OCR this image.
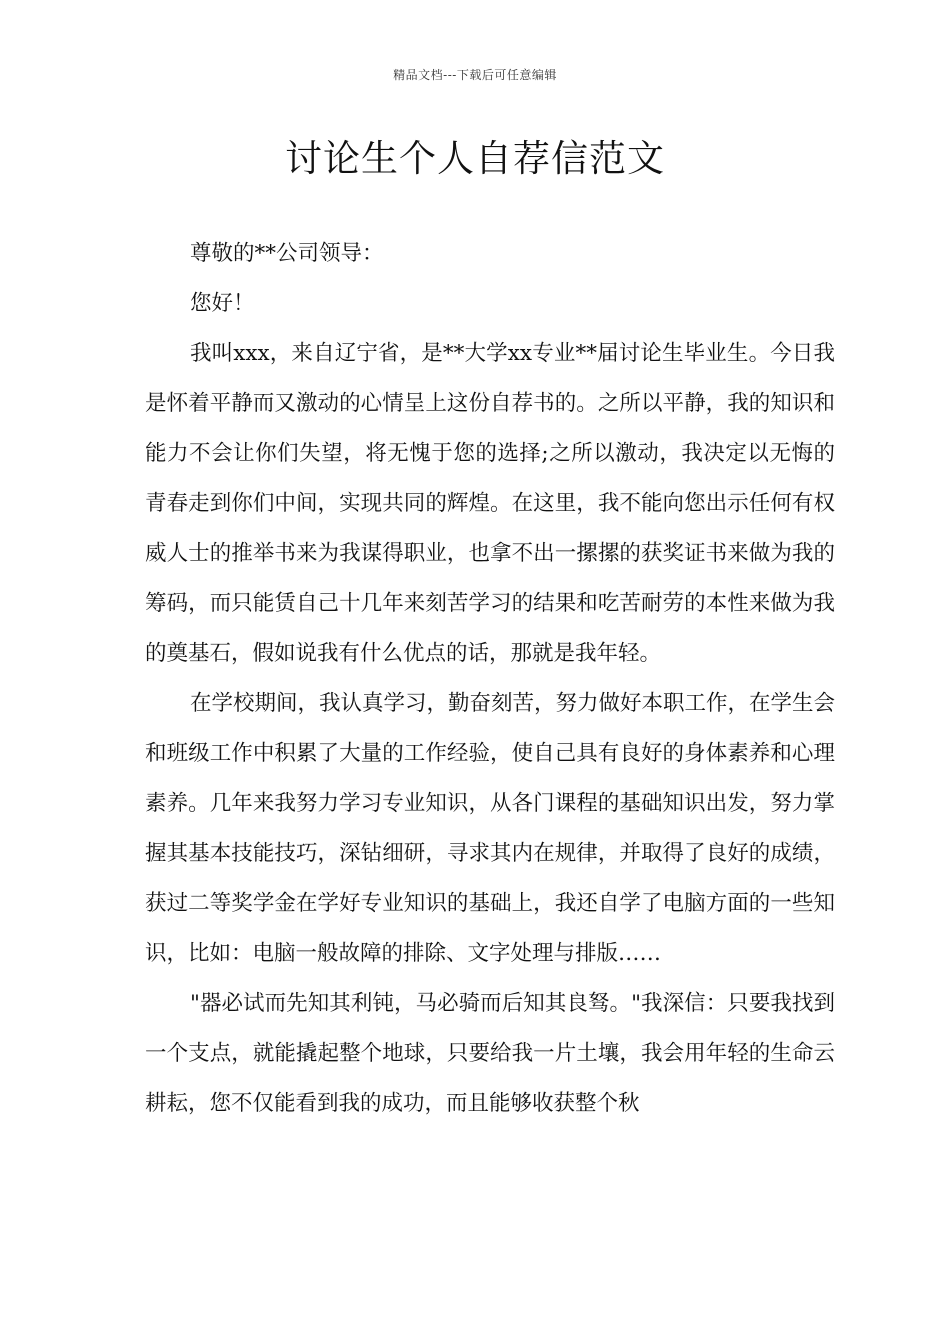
精品文档---下载后可任意编辑
讨论生个人自荐信范文

尊敬的**公司领导：

您好！

我叫xxx，来自辽宁省，是**大学xx专业**届讨论生毕业生。今日我是怀着平静而又激动的心情呈上这份自荐书的。之所以平静，我的知识和能力不会让你们失望，将无愧于您的选择;之所以激动，我决定以无悔的青春走到你们中间，实现共同的辉煌。在这里，我不能向您出示任何有权威人士的推举书来为我谋得职业，也拿不出一摞摞的获奖证书来做为我的筹码，而只能赁自己十几年来刻苦学习的结果和吃苦耐劳的本性来做为我的奠基石，假如说我有什么优点的话，那就是我年轻。

在学校期间，我认真学习，勤奋刻苦，努力做好本职工作，在学生会和班级工作中积累了大量的工作经验，使自己具有良好的身体素养和心理素养。几年来我努力学习专业知识，从各门课程的基础知识出发，努力掌握其基本技能技巧，深钻细研，寻求其内在规律，并取得了良好的成绩，获过二等奖学金在学好专业知识的基础上，我还自学了电脑方面的一些知识，比如：电脑一般故障的排除、文字处理与排版……

"器必试而先知其利钝，马必骑而后知其良驽。"我深信：只要我找到一个支点，就能撬起整个地球，只要给我一片土壤，我会用年轻的生命云耕耘，您不仅能看到我的成功，而且能够收获整个秋
